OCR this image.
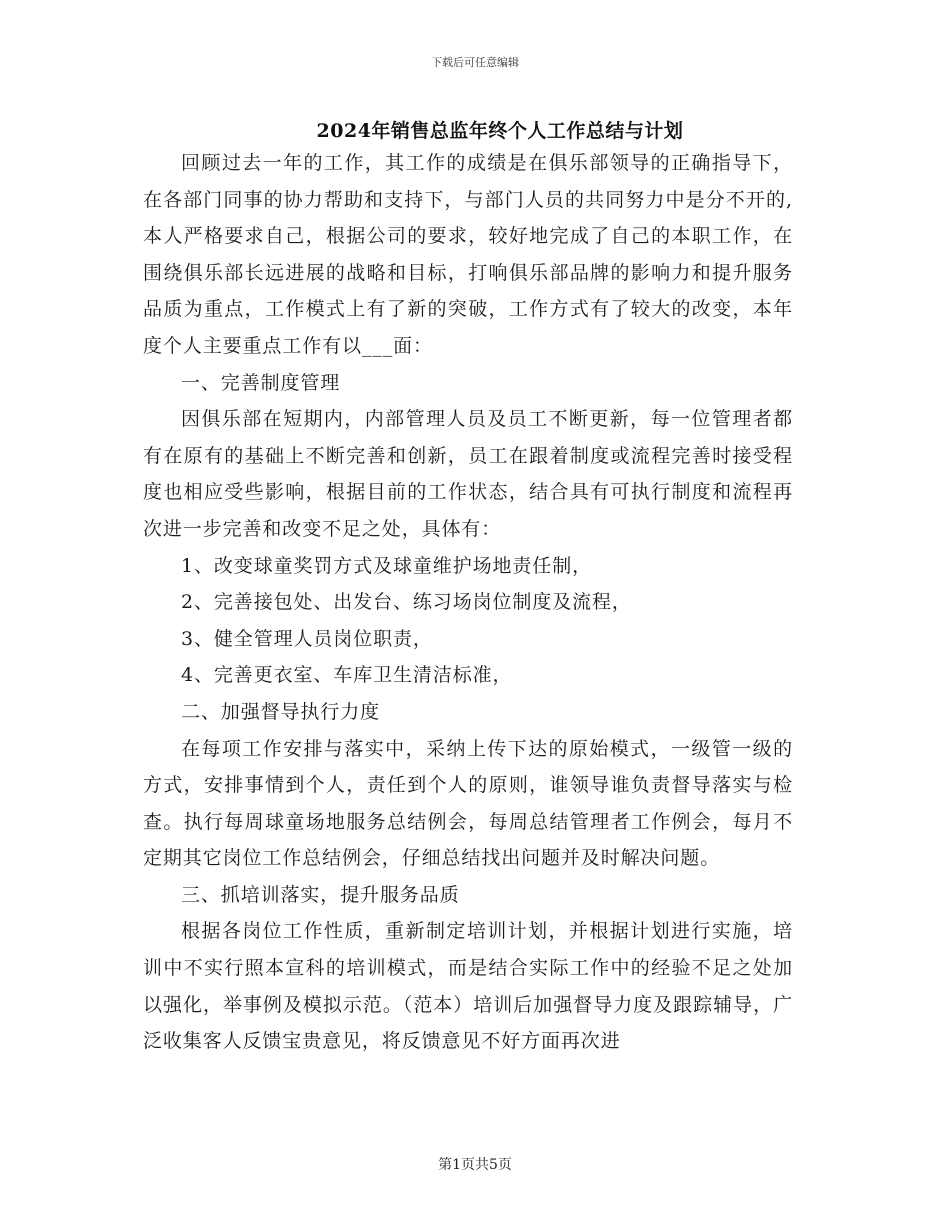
下载后可任意编辑
2024年销售总监年终个人工作总结与计划

回顾过去一年的工作，其工作的成绩是在俱乐部领导的正确指导下，在各部门同事的协力帮助和支持下，与部门人员的共同努力中是分不开的,本人严格要求自己，根据公司的要求，较好地完成了自己的本职工作，在围绕俱乐部长远进展的战略和目标，打响俱乐部品牌的影响力和提升服务品质为重点，工作模式上有了新的突破，工作方式有了较大的改变，本年度个人主要重点工作有以___面：

一、完善制度管理

因俱乐部在短期内，内部管理人员及员工不断更新，每一位管理者都有在原有的基础上不断完善和创新，员工在跟着制度或流程完善时接受程度也相应受些影响，根据目前的工作状态，结合具有可执行制度和流程再次进一步完善和改变不足之处，具体有：

1、改变球童奖罚方式及球童维护场地责任制，

2、完善接包处、出发台、练习场岗位制度及流程，

3、健全管理人员岗位职责，

4、完善更衣室、车库卫生清洁标准，

二、加强督导执行力度

在每项工作安排与落实中，采纳上传下达的原始模式，一级管一级的方式，安排事情到个人，责任到个人的原则，谁领导谁负责督导落实与检查。执行每周球童场地服务总结例会，每周总结管理者工作例会，每月不定期其它岗位工作总结例会，仔细总结找出问题并及时解决问题。

三、抓培训落实，提升服务品质

根据各岗位工作性质，重新制定培训计划，并根据计划进行实施，培训中不实行照本宣科的培训模式，而是结合实际工作中的经验不足之处加以强化，举事例及模拟示范。（范本）培训后加强督导力度及跟踪辅导，广泛收集客人反馈宝贵意见，将反馈意见不好方面再次进

第1页共5页
